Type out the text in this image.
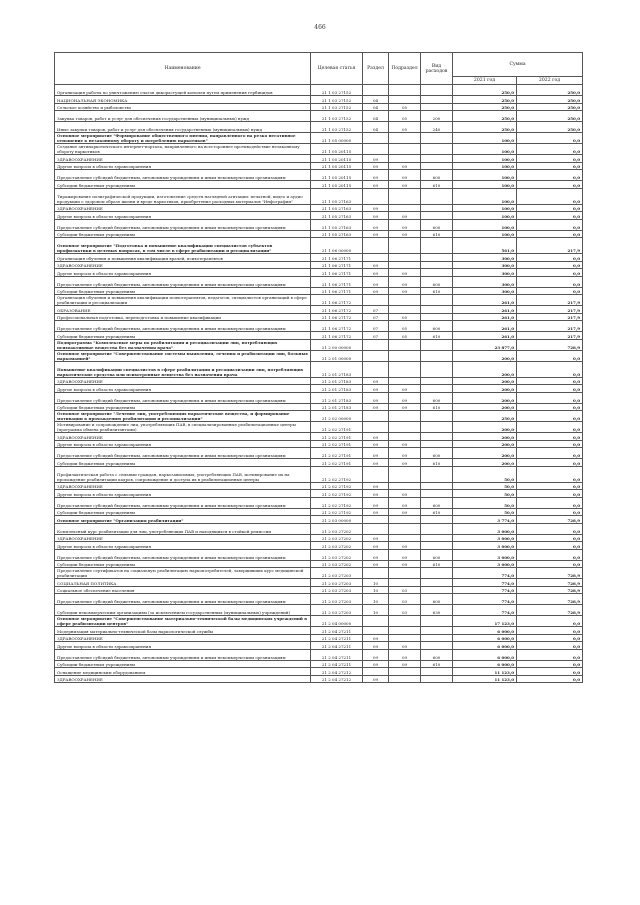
466
Наименование	Целевая статья	Раздел	Подраздел	Вид расходов	Сумма	
					2021 год	2022 год
Организация работы по уничтожению очагов дикорастущей конопли путем применения гербицидов	21 1 03 27152				250,0	250,0
НАЦИОНАЛЬНАЯ ЭКОНОМИКА	21 1 03 27152	04			250,0	250,0
Сельское хозяйство и рыболовство	21 1 03 27152	04	05		250,0	250,0
Закупка товаров, работ и услуг для обеспечения государственных (муниципальных) нужд	21 1 03 27152	04	05	200	250,0	250,0
Иные закупки товаров, работ и услуг для обеспечения государственных (муниципальных) нужд	21 1 03 27152	04	05	240	250,0	250,0
Основное мероприятие "Формирование общественного мнения, направленного на резко негативное отношение к незаконному обороту и потреблению наркотиков"	21 1 05 00000				100,0	0,0
Создание антинаркотического интернет-портала, направленного на всестороннее противодействие незаконному обороту наркотиков	21 1 05 20115				100,0	0,0
ЗДРАВООХРАНЕНИЕ	21 1 05 20115	09			100,0	0,0
Другие вопросы в области здравоохранения	21 1 05 20115	09	09		100,0	0,0
Предоставление субсидий бюджетным, автономным учреждениям и иным некоммерческим организациям	21 1 05 20115	09	09	600	100,0	0,0
Субсидии бюджетным учреждениям	21 1 05 20115	09	09	610	100,0	0,0
Тиражирование полиграфической продукции, изготовление средств наглядной агитации: печатной, видео и аудио продукции о здоровом образе жизни и вреде наркотиков, приобретение расходных материалов "Инфографии"	21 1 05 27163				100,0	0,0
ЗДРАВООХРАНЕНИЕ	21 1 05 27163	09			100,0	0,0
Другие вопросы в области здравоохранения	21 1 05 27163	09	09		100,0	0,0
Предоставление субсидий бюджетным, автономным учреждениям и иным некоммерческим организациям	21 1 05 27163	09	09	600	100,0	0,0
Субсидии бюджетным учреждениям	21 1 05 27163	09	09	610	100,0	0,0
Основное мероприятие "Подготовка и повышение квалификации специалистов субъектов профилактики в целевых вопросах, в том числе в сфере реабилитации и ресоциализации"	21 1 06 00000				561,0	217,9
Организация обучения и повышения квалификации врачей, психотерапевтов	21 1 06 27171				300,0	0,0
ЗДРАВООХРАНЕНИЕ	21 1 06 27171	09			300,0	0,0
Другие вопросы в области здравоохранения	21 1 06 27171	09	09		300,0	0,0
Предоставление субсидий бюджетным, автономным учреждениям и иным некоммерческим организациям	21 1 06 27171	09	09	600	300,0	0,0
Субсидии бюджетным учреждениям	21 1 06 27171	09	09	610	300,0	0,0
Организация обучения и повышения квалификации психотерапевтов, педагогов, специалистов организаций в сфере реабилитации и ресоциализации	21 1 06 27172				261,0	217,9
ОБРАЗОВАНИЕ	21 1 06 27172	07			261,0	217,9
Профессиональная подготовка, переподготовка и повышение квалификации	21 1 06 27172	07	05		261,0	217,9
Предоставление субсидий бюджетным, автономным учреждениям и иным некоммерческим организациям	21 1 06 27172	07	05	600	261,0	217,9
Субсидии бюджетным учреждениям	21 1 06 27172	07	05	610	261,0	217,9
Подпрограмма "Комплексные меры по реабилитации и ресоциализации лиц, потребляющих психоактивные вещества без назначения врача"	21 2 00 00000				23 877,0	728,9
Основное мероприятие "Совершенствование системы выявления, лечения и реабилитации лиц, больных наркоманией"	21 2 01 00000				200,0	0,0
Повышение квалификации специалистов в сфере реабилитации и ресоциализации лиц, потребляющих наркотические средства или психотропные вещества без назначения врача	21 2 01 27183				200,0	0,0
ЗДРАВООХРАНЕНИЕ	21 2 01 27183	09			200,0	0,0
Другие вопросы в области здравоохранения	21 2 01 27183	09	09		200,0	0,0
Предоставление субсидий бюджетным, автономным учреждениям и иным некоммерческим организациям	21 2 01 27183	09	09	600	200,0	0,0
Субсидии бюджетным учреждениям	21 2 01 27183	09	09	610	200,0	0,0
Основное мероприятие "Лечение лиц, употребляющих наркотические вещества, и формирование мотивации к прохождению реабилитации и ресоциализации"	21 2 02 00000				250,0	0,0
Мотивирование и сопровождение лиц, употребляющих ПАВ, в специализированные реабилитационные центры (программа обмена реабилитантами)	21 2 02 27191				200,0	0,0
ЗДРАВООХРАНЕНИЕ	21 2 02 27191	09			200,0	0,0
Другие вопросы в области здравоохранения	21 2 02 27191	09	09		200,0	0,0
Предоставление субсидий бюджетным, автономным учреждениям и иным некоммерческим организациям	21 2 02 27191	09	09	600	200,0	0,0
Субсидии бюджетным учреждениям	21 2 02 27191	09	09	610	200,0	0,0
Профилактическая работа с семьями граждан, наркозависимых, употребляющих ПАВ, мотивирование их на прохождение реабилитации кадров, сопровождение и доступа их в реабилитационные центры	21 2 02 27192				50,0	0,0
ЗДРАВООХРАНЕНИЕ	21 2 02 27192	09			50,0	0,0
Другие вопросы в области здравоохранения	21 2 02 27192	09	09		50,0	0,0
Предоставление субсидий бюджетным, автономным учреждениям и иным некоммерческим организациям	21 2 02 27192	09	09	600	50,0	0,0
Субсидии бюджетным учреждениям	21 2 02 27192	09	09	610	50,0	0,0
Основное мероприятие "Организация реабилитации"	21 2 03 00000				3 774,0	728,9
Комплексный курс реабилитации для лиц, употребляющих ПАВ и находящихся в стойкой ремиссии	21 2 03 27202				3 000,0	0,0
ЗДРАВООХРАНЕНИЕ	21 2 03 27202	09			3 000,0	0,0
Другие вопросы в области здравоохранения	21 2 03 27202	09	09		3 000,0	0,0
Предоставление субсидий бюджетным, автономным учреждениям и иным некоммерческим организациям	21 2 03 27202	09	09	600	3 000,0	0,0
Субсидии бюджетным учреждениям	21 2 03 27202	09	09	610	3 000,0	0,0
Предоставление сертификатов на социальную реабилитацию наркопотребителей, завершивших курс медицинской реабилитации	21 2 03 27203				774,0	728,9
СОЦИАЛЬНАЯ ПОЛИТИКА	21 2 03 27203	10			774,0	728,9
Социальное обеспечение населения	21 2 03 27203	10	03		774,0	728,9
Предоставление субсидий бюджетным, автономным учреждениям и иным некоммерческим организациям	21 2 03 27203	10	03	600	774,0	728,9
Субсидии некоммерческим организациям (за исключением государственных (муниципальных) учреждений)	21 2 03 27203	10	03	630	774,0	728,9
Основное мероприятие "Совершенствование материально-технической базы медицинских учреждений в сфере реабилитации центров"	21 2 04 00000				17 123,0	0,0
Модернизация материально-технической базы наркологической службы	21 2 04 27211				6 000,0	0,0
ЗДРАВООХРАНЕНИЕ	21 2 04 27211	09			6 000,0	0,0
Другие вопросы в области здравоохранения	21 2 04 27211	09	09		6 000,0	0,0
Предоставление субсидий бюджетным, автономным учреждениям и иным некоммерческим организациям	21 2 04 27211	09	09	600	6 000,0	0,0
Субсидии бюджетным учреждениям	21 2 04 27211	09	09	610	6 000,0	0,0
Оснащение медицинским оборудованием	21 2 04 27212				11 123,0	0,0
ЗДРАВООХРАНЕНИЕ	21 2 04 27212	09			11 123,0	0,0
